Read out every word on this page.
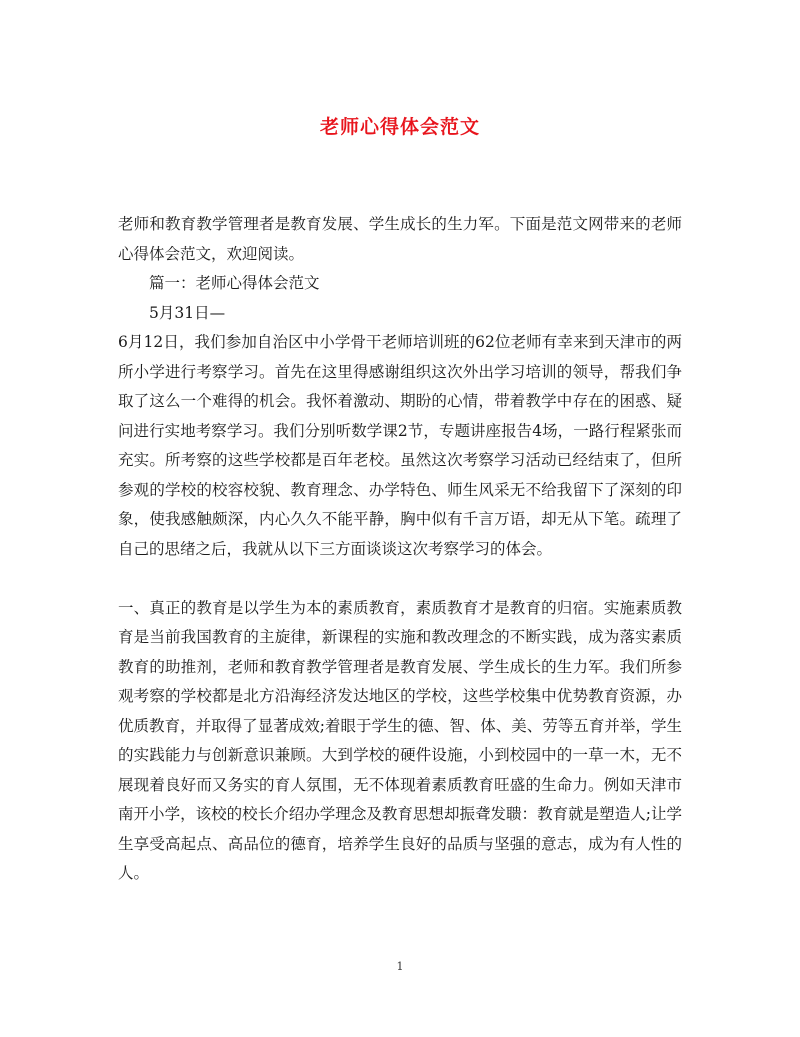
老师心得体会范文

老师和教育教学管理者是教育发展、学生成长的生力军。下面是范文网带来的老师心得体会范文，欢迎阅读。

篇一：老师心得体会范文

5月31日—

6月12日，我们参加自治区中小学骨干老师培训班的62位老师有幸来到天津市的两所小学进行考察学习。首先在这里得感谢组织这次外出学习培训的领导，帮我们争取了这么一个难得的机会。我怀着激动、期盼的心情，带着教学中存在的困惑、疑问进行实地考察学习。我们分别听数学课2节，专题讲座报告4场，一路行程紧张而充实。所考察的这些学校都是百年老校。虽然这次考察学习活动已经结束了，但所参观的学校的校容校貌、教育理念、办学特色、师生风采无不给我留下了深刻的印象，使我感触颇深，内心久久不能平静，胸中似有千言万语，却无从下笔。疏理了自己的思绪之后，我就从以下三方面谈谈这次考察学习的体会。

一、真正的教育是以学生为本的素质教育，素质教育才是教育的归宿。实施素质教育是当前我国教育的主旋律，新课程的实施和教改理念的不断实践，成为落实素质教育的助推剂，老师和教育教学管理者是教育发展、学生成长的生力军。我们所参观考察的学校都是北方沿海经济发达地区的学校，这些学校集中优势教育资源，办优质教育，并取得了显著成效;着眼于学生的德、智、体、美、劳等五育并举，学生的实践能力与创新意识兼顾。大到学校的硬件设施，小到校园中的一草一木，无不展现着良好而又务实的育人氛围，无不体现着素质教育旺盛的生命力。例如天津市南开小学，该校的校长介绍办学理念及教育思想却振聋发聩：教育就是塑造人;让学生享受高起点、高品位的德育，培养学生良好的品质与坚强的意志，成为有人性的人。

1
